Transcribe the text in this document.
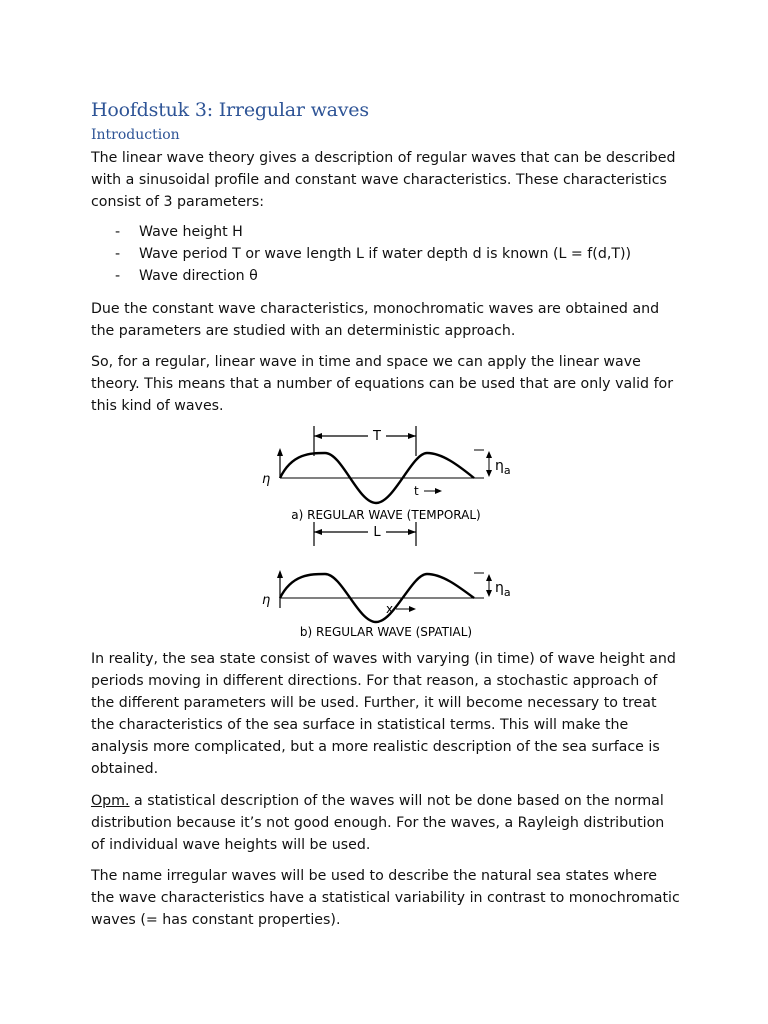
Hoofdstuk 3: Irregular waves
Introduction
The linear wave theory gives a description of regular waves that can be described with a sinusoidal profile and constant wave characteristics. These characteristics consist of 3 parameters:
- Wave height H
- Wave period T or wave length L if water depth d is known (L = f(d,T))
- Wave direction θ
Due the constant wave characteristics, monochromatic waves are obtained and the parameters are studied with an deterministic approach.
So, for a regular, linear wave in time and space we can apply the linear wave theory. This means that a number of equations can be used that are only valid for this kind of waves.
T
η
$\eta_a$
t
a) REGULAR WAVE (TEMPORAL)
L
η
$\eta_a$
x
b) REGULAR WAVE (SPATIAL)
In reality, the sea state consist of waves with varying (in time) of wave height and periods moving in different directions. For that reason, a stochastic approach of the different parameters will be used. Further, it will become necessary to treat the characteristics of the sea surface in statistical terms. This will make the analysis more complicated, but a more realistic description of the sea surface is obtained.
Opm. a statistical description of the waves will not be done based on the normal distribution because it’s not good enough. For the waves, a Rayleigh distribution of individual wave heights will be used.
The name irregular waves will be used to describe the natural sea states where the wave characteristics have a statistical variability in contrast to monochromatic waves (= has constant properties).
